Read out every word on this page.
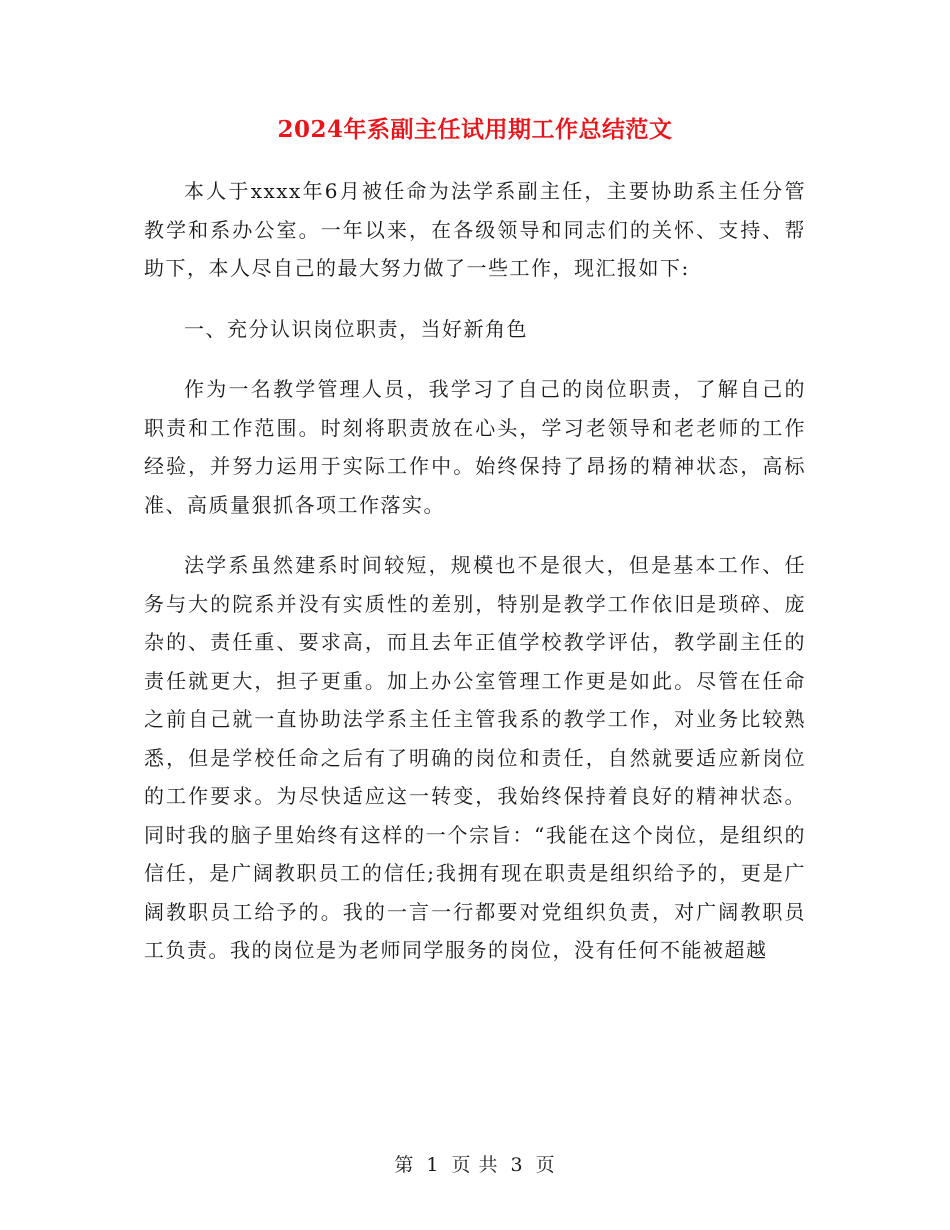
2024年系副主任试用期工作总结范文

本人于xxxx年6月被任命为法学系副主任，主要协助系主任分管教学和系办公室。一年以来，在各级领导和同志们的关怀、支持、帮助下，本人尽自己的最大努力做了一些工作，现汇报如下:

一、充分认识岗位职责，当好新角色

作为一名教学管理人员，我学习了自己的岗位职责，了解自己的职责和工作范围。时刻将职责放在心头，学习老领导和老老师的工作经验，并努力运用于实际工作中。始终保持了昂扬的精神状态，高标准、高质量狠抓各项工作落实。

法学系虽然建系时间较短，规模也不是很大，但是基本工作、任务与大的院系并没有实质性的差别，特别是教学工作依旧是琐碎、庞杂的、责任重、要求高，而且去年正值学校教学评估，教学副主任的责任就更大，担子更重。加上办公室管理工作更是如此。尽管在任命之前自己就一直协助法学系主任主管我系的教学工作，对业务比较熟悉，但是学校任命之后有了明确的岗位和责任，自然就要适应新岗位的工作要求。为尽快适应这一转变，我始终保持着良好的精神状态。同时我的脑子里始终有这样的一个宗旨：“我能在这个岗位，是组织的信任，是广阔教职员工的信任;我拥有现在职责是组织给予的，更是广阔教职员工给予的。我的一言一行都要对党组织负责，对广阔教职员工负责。我的岗位是为老师同学服务的岗位，没有任何不能被超越

第 1 页 共 3 页
